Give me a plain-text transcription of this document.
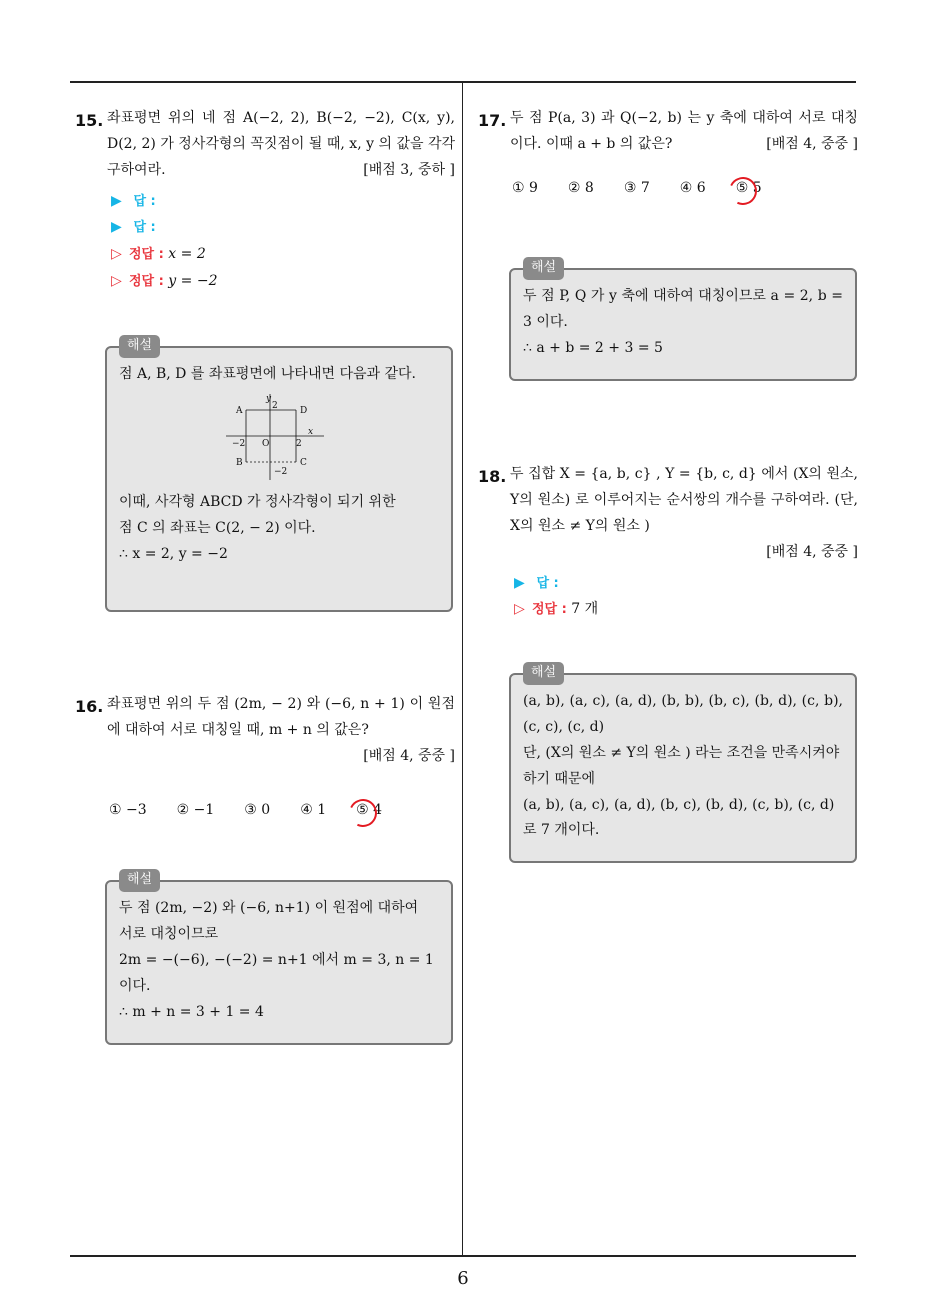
6
15. 좌표평면 위의 네 점 A(−2, 2), B(−2, −2), C(x, y), D(2, 2) 가 정사각형의 꼭짓점이 될 때, x, y 의 값을 각각 구하여라.	[배점 3, 중하 ]
▶ 답 :
▶ 답 :
▷ 정답 : x = 2
▷ 정답 : y = −2
해설

점 A, B, D 를 좌표평면에 나타내면 다음과 같다.

A	D
B	C
O
y
x
2
−2	2
−2

이때, 사각형 ABCD 가 정사각형이 되기 위한

점 C 의 좌표는 C(2, − 2) 이다.

∴ x = 2, y = −2

16. 좌표평면 위의 두 점 (2m, − 2) 와 (−6, n + 1) 이 원점에 대하여 서로 대칭일 때, m + n 의 값은?
[배점 4, 중중 ]
① −3 ② −1 ③ 0 ④ 1 ⑤ 4
해설

두 점 (2m, −2) 와 (−6, n+1) 이 원점에 대하여

서로 대칭이므로

2m = −(−6), −(−2) = n+1 에서 m = 3, n = 1

이다.

∴ m + n = 3 + 1 = 4

17. 두 점 P(a, 3) 과 Q(−2, b) 는 y 축에 대하여 서로 대칭이다. 이때 a + b 의 값은?	[배점 4, 중중 ]
① 9 ② 8 ③ 7 ④ 6 ⑤ 5
해설

두 점 P, Q 가 y 축에 대하여 대칭이므로 a = 2, b = 3 이다.

∴ a + b = 2 + 3 = 5

18. 두 집합 X = {a, b, c} , Y = {b, c, d} 에서 (X의 원소, Y의 원소) 로 이루어지는 순서쌍의 개수를 구하여라. (단, X의 원소 ≠ Y의 원소 )
[배점 4, 중중 ]
▶ 답 :
▷ 정답 : 7 개
해설

(a, b), (a, c), (a, d), (b, b), (b, c), (b, d), (c, b), (c, c), (c, d)

단, (X의 원소 ≠ Y의 원소 ) 라는 조건을 만족시켜야 하기 때문에

(a, b), (a, c), (a, d), (b, c), (b, d), (c, b), (c, d)

로 7 개이다.
